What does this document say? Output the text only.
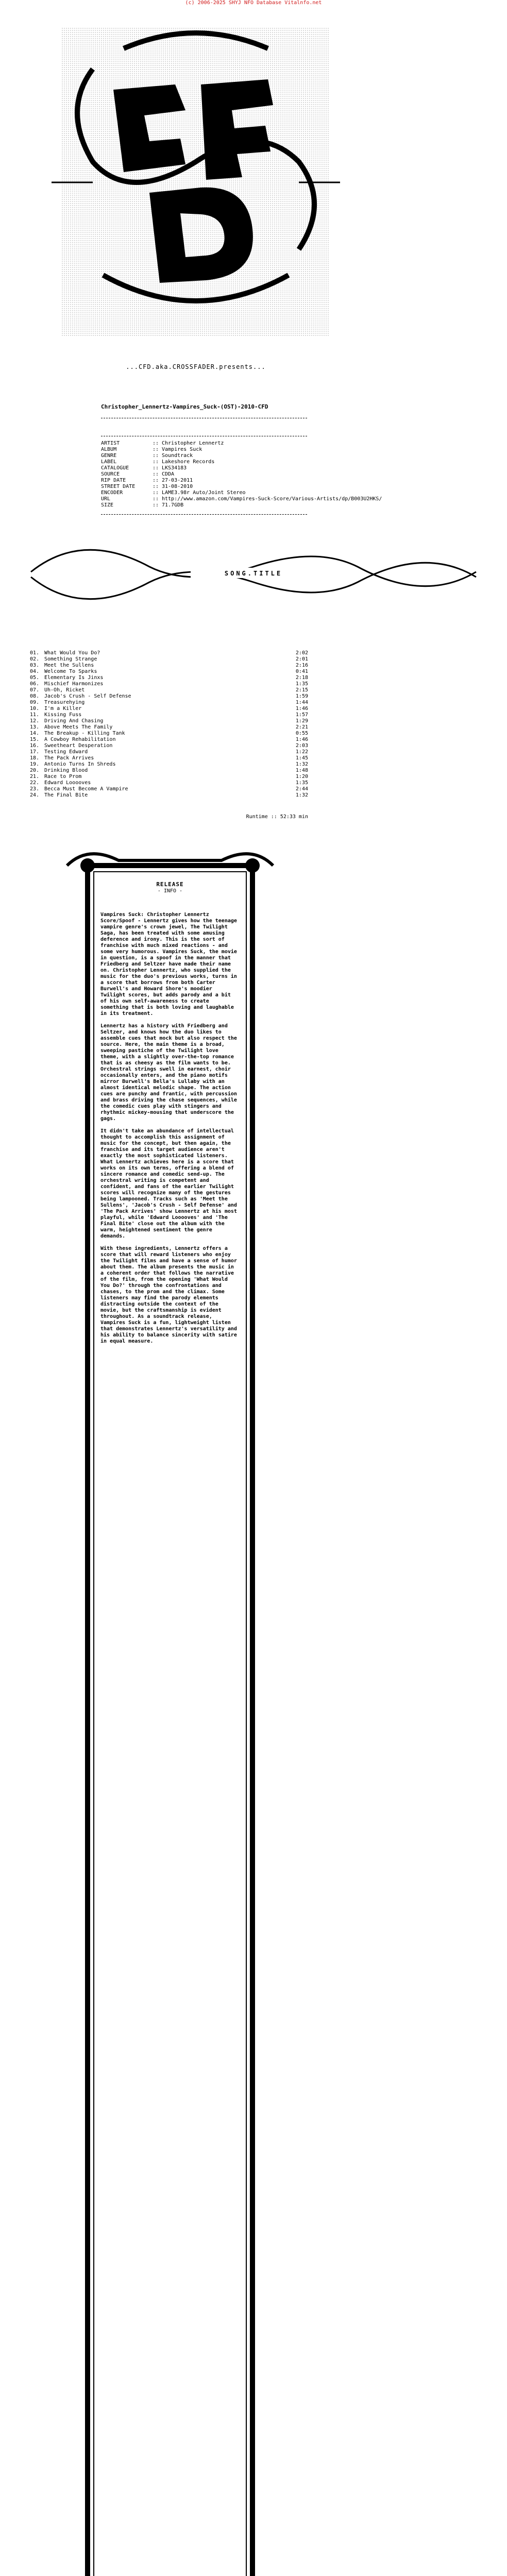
(c) 2006-2025 SHYJ NFO Database Vitalnfo.net
...CFD.aka.CROSSFADER.presents...
Christopher_Lennertz-Vampires_Suck-(OST)-2010-CFD
ARTIST	:: Christopher Lennertz
ALBUM	:: Vampires Suck
GENRE	:: Soundtrack
LABEL	:: Lakeshore Records
CATALOGUE	:: LKS34183
SOURCE	:: CDDA
RIP DATE	:: 27-03-2011
STREET DATE	:: 31-08-2010
ENCODER	:: LAME3.98r Auto/Joint Stereo
URL	:: http://www.amazon.com/Vampires-Suck-Score/Various-Artists/dp/B003U2HKS/
SIZE	:: 71.7GDB
SONG.TITLE
01. What Would You Do?	2:02
02. Something Strange	2:01
03. Meet the Sullens	2:16
04. Welcome To Sparks	0:41
05. Elementary Is Jinxs	2:18
06. Mischief Harmonizes	1:35
07. Uh-Oh, Ricket	2:15
08. Jacob's Crush - Self Defense	1:59
09. Treasurehying	1:44
10. I'm a Killer	1:46
11. Kissing Fuss	1:57
12. Driving And Chasing	1:29
13. Above Meets The Family	2:21
14. The Breakup - Killing Tank	0:55
15. A Cowboy Rehabilitation	1:46
16. Sweetheart Desperation	2:03
17. Testing Edward	1:22
18. The Pack Arrives	1:45
19. Antonio Turns In Shreds	1:32
20. Drinking Blood	1:48
21. Race to Prom	1:20
22. Edward Looooves	1:35
23. Becca Must Become A Vampire	2:44
24. The Final Bite	1:32
Runtime :: 52:33 min
RELEASE
- INFO -

Vampires Suck: Christopher Lennertz Score/Spoof - Lennertz gives how the teenage vampire genre's crown jewel, The Twilight Saga, has been treated with some amusing deference and irony. This is the sort of franchise with much mixed reactions - and some very humorous. Vampires Suck, the movie in question, is a spoof in the manner that Friedberg and Seltzer have made their name on. Christopher Lennertz, who supplied the music for the duo's previous works, turns in a score that borrows from both Carter Burwell's and Howard Shore's moodier Twilight scores, but adds parody and a bit of his own self-awareness to create something that is both loving and laughable in its treatment.

Lennertz has a history with Friedberg and Seltzer, and knows how the duo likes to assemble cues that mock but also respect the source. Here, the main theme is a broad, sweeping pastiche of the Twilight love theme, with a slightly over-the-top romance that is as cheesy as the film wants to be. Orchestral strings swell in earnest, choir occasionally enters, and the piano motifs mirror Burwell's Bella's Lullaby with an almost identical melodic shape. The action cues are punchy and frantic, with percussion and brass driving the chase sequences, while the comedic cues play with stingers and rhythmic mickey-mousing that underscore the gags.

It didn't take an abundance of intellectual thought to accomplish this assignment of music for the concept, but then again, the franchise and its target audience aren't exactly the most sophisticated listeners. What Lennertz achieves here is a score that works on its own terms, offering a blend of sincere romance and comedic send-up. The orchestral writing is competent and confident, and fans of the earlier Twilight scores will recognize many of the gestures being lampooned. Tracks such as 'Meet the Sullens', 'Jacob's Crush - Self Defense' and 'The Pack Arrives' show Lennertz at his most playful, while 'Edward Looooves' and 'The Final Bite' close out the album with the warm, heightened sentiment the genre demands.

With these ingredients, Lennertz offers a score that will reward listeners who enjoy the Twilight films and have a sense of humor about them. The album presents the music in a coherent order that follows the narrative of the film, from the opening 'What Would You Do?' through the confrontations and chases, to the prom and the climax. Some listeners may find the parody elements distracting outside the context of the movie, but the craftsmanship is evident throughout. As a soundtrack release, Vampires Suck is a fun, lightweight listen that demonstrates Lennertz's versatility and his ability to balance sincerity with satire in equal measure.
